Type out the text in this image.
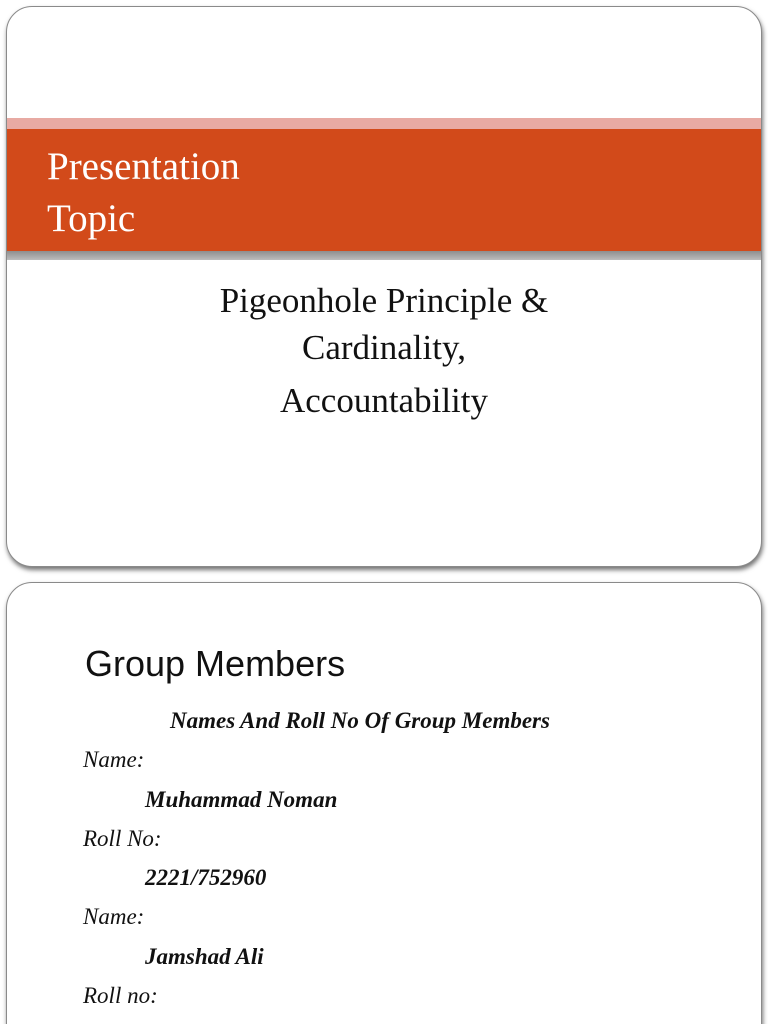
Presentation
Topic
Pigeonhole Principle &
Cardinality,
Accountability
Group Members
Names And Roll No Of Group Members
Name:
Muhammad Noman
Roll No:
2221/752960
Name:
Jamshad Ali
Roll no:
